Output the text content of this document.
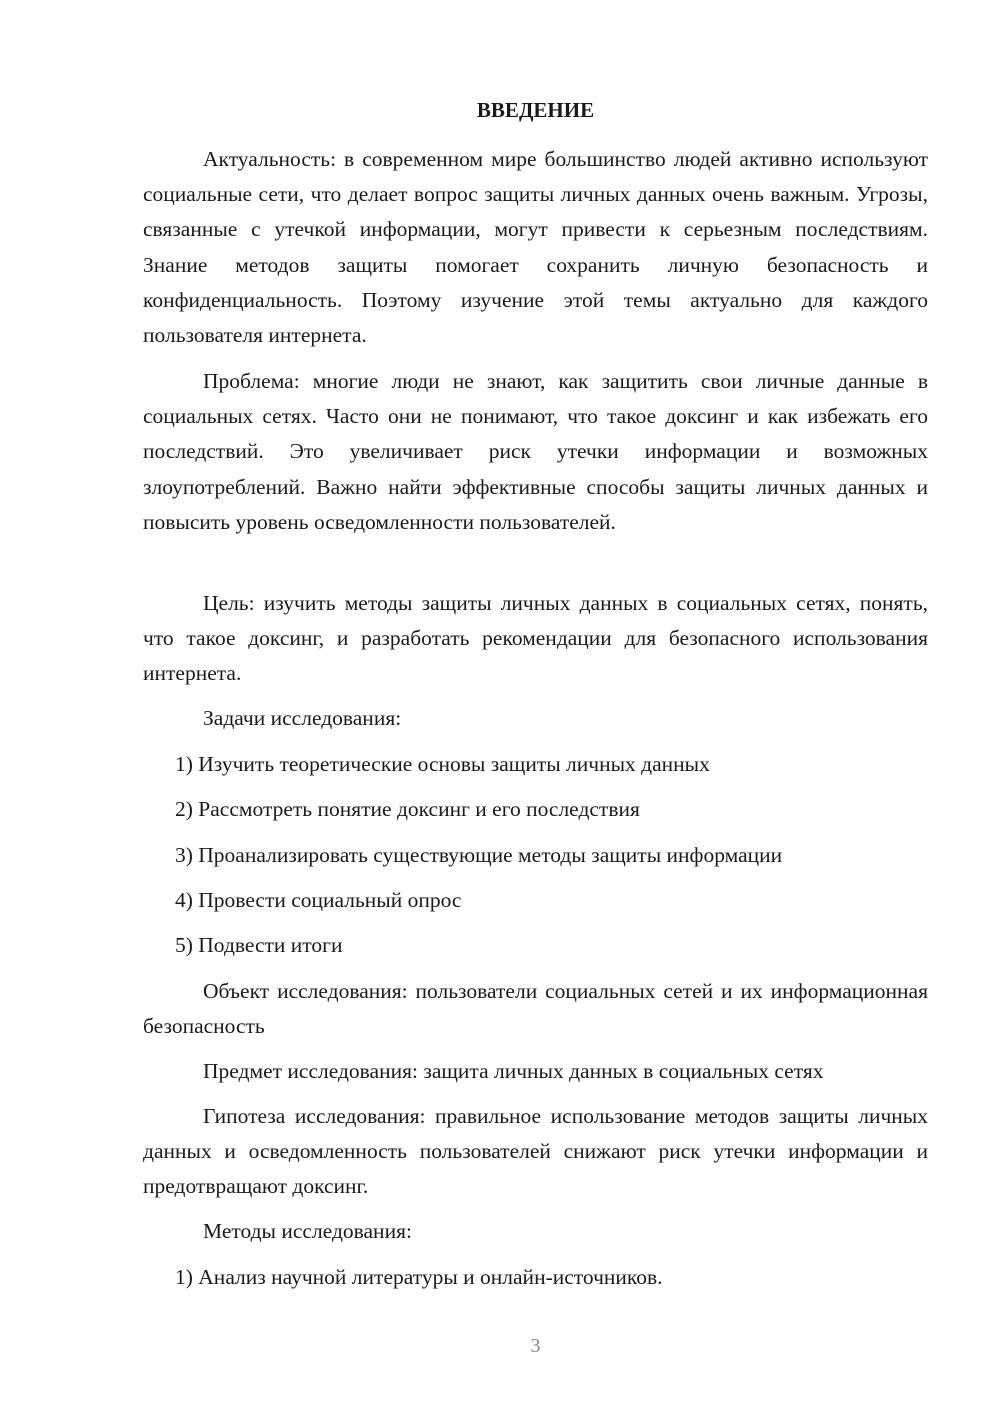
ВВЕДЕНИЕ

Актуальность: в современном мире большинство людей активно используют социальные сети, что делает вопрос защиты личных данных очень важным. Угрозы, связанные с утечкой информации, могут привести к серьезным последствиям. Знание методов защиты помогает сохранить личную безопасность и конфиденциальность. Поэтому изучение этой темы актуально для каждого пользователя интернета.

Проблема: многие люди не знают, как защитить свои личные данные в социальных сетях. Часто они не понимают, что такое доксинг и как избежать его последствий. Это увеличивает риск утечки информации и возможных злоупотреблений. Важно найти эффективные способы защиты личных данных и повысить уровень осведомленности пользователей.

Цель: изучить методы защиты личных данных в социальных сетях, понять, что такое доксинг, и разработать рекомендации для безопасного использования интернета.

Задачи исследования:

1) Изучить теоретические основы защиты личных данных

2) Рассмотреть понятие доксинг и его последствия

3) Проанализировать существующие методы защиты информации

4) Провести социальный опрос

5) Подвести итоги

Объект исследования: пользователи социальных сетей и их информационная безопасность

Предмет исследования: защита личных данных в социальных сетях

Гипотеза исследования: правильное использование методов защиты личных данных и осведомленность пользователей снижают риск утечки информации и предотвращают доксинг.

Методы исследования:

1) Анализ научной литературы и онлайн-источников.

3
